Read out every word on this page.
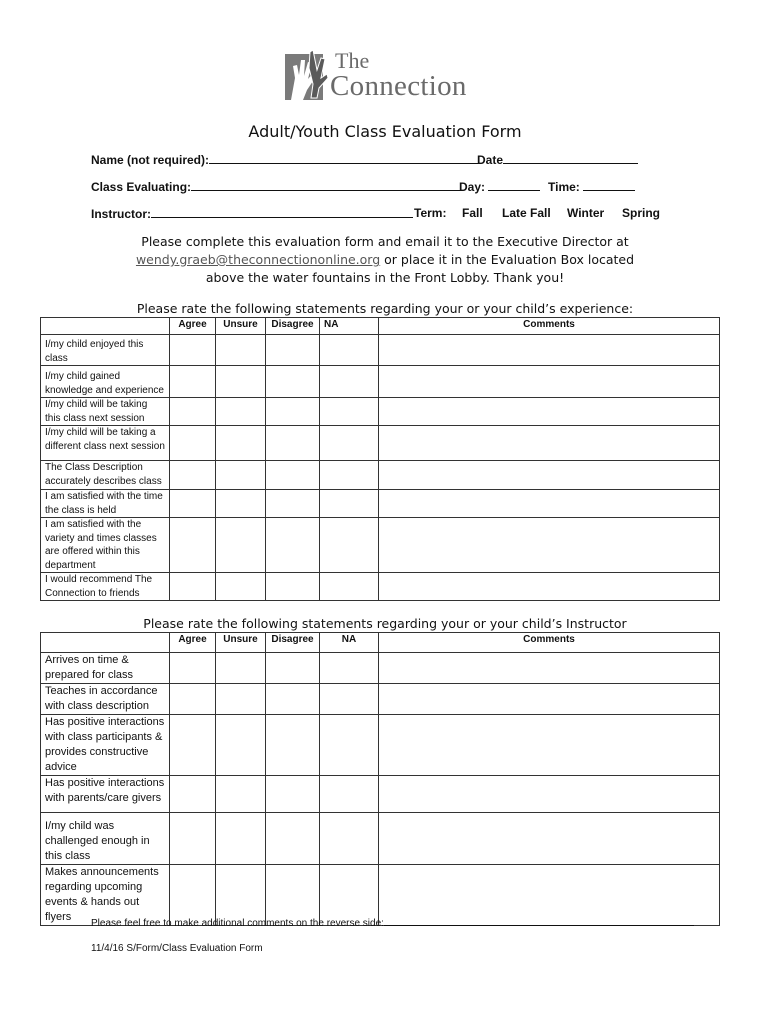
The
Connection
Adult/Youth Class Evaluation Form
Name (not required):	Date
Class Evaluating:	Day:	Time:
Instructor:	Term: Fall Late Fall Winter Spring
Please complete this evaluation form and email it to the Executive Director at
wendy.graeb@theconnectiononline.org or place it in the Evaluation Box located
above the water fountains in the Front Lobby. Thank you!
Please rate the following statements regarding your or your child’s experience:
	Agree	Unsure	Disagree	NA	Comments
I/my child enjoyed this class					
I/my child gained knowledge and experience					
I/my child will be taking this class next session					
I/my child will be taking a different class next session					
The Class Description accurately describes class					
I am satisfied with the time the class is held					
I am satisfied with the variety and times classes are offered within this department					
I would recommend The Connection to friends					
Please rate the following statements regarding your or your child’s Instructor
	Agree	Unsure	Disagree	NA	Comments
Arrives on time & prepared for class					
Teaches in accordance with class description					
Has positive interactions with class participants & provides constructive advice					
Has positive interactions with parents/care givers					
I/my child was challenged enough in this class					
Makes announcements regarding upcoming events & hands out flyers					
Please feel free to make additional comments on the reverse side:
11/4/16 S/Form/Class Evaluation Form
